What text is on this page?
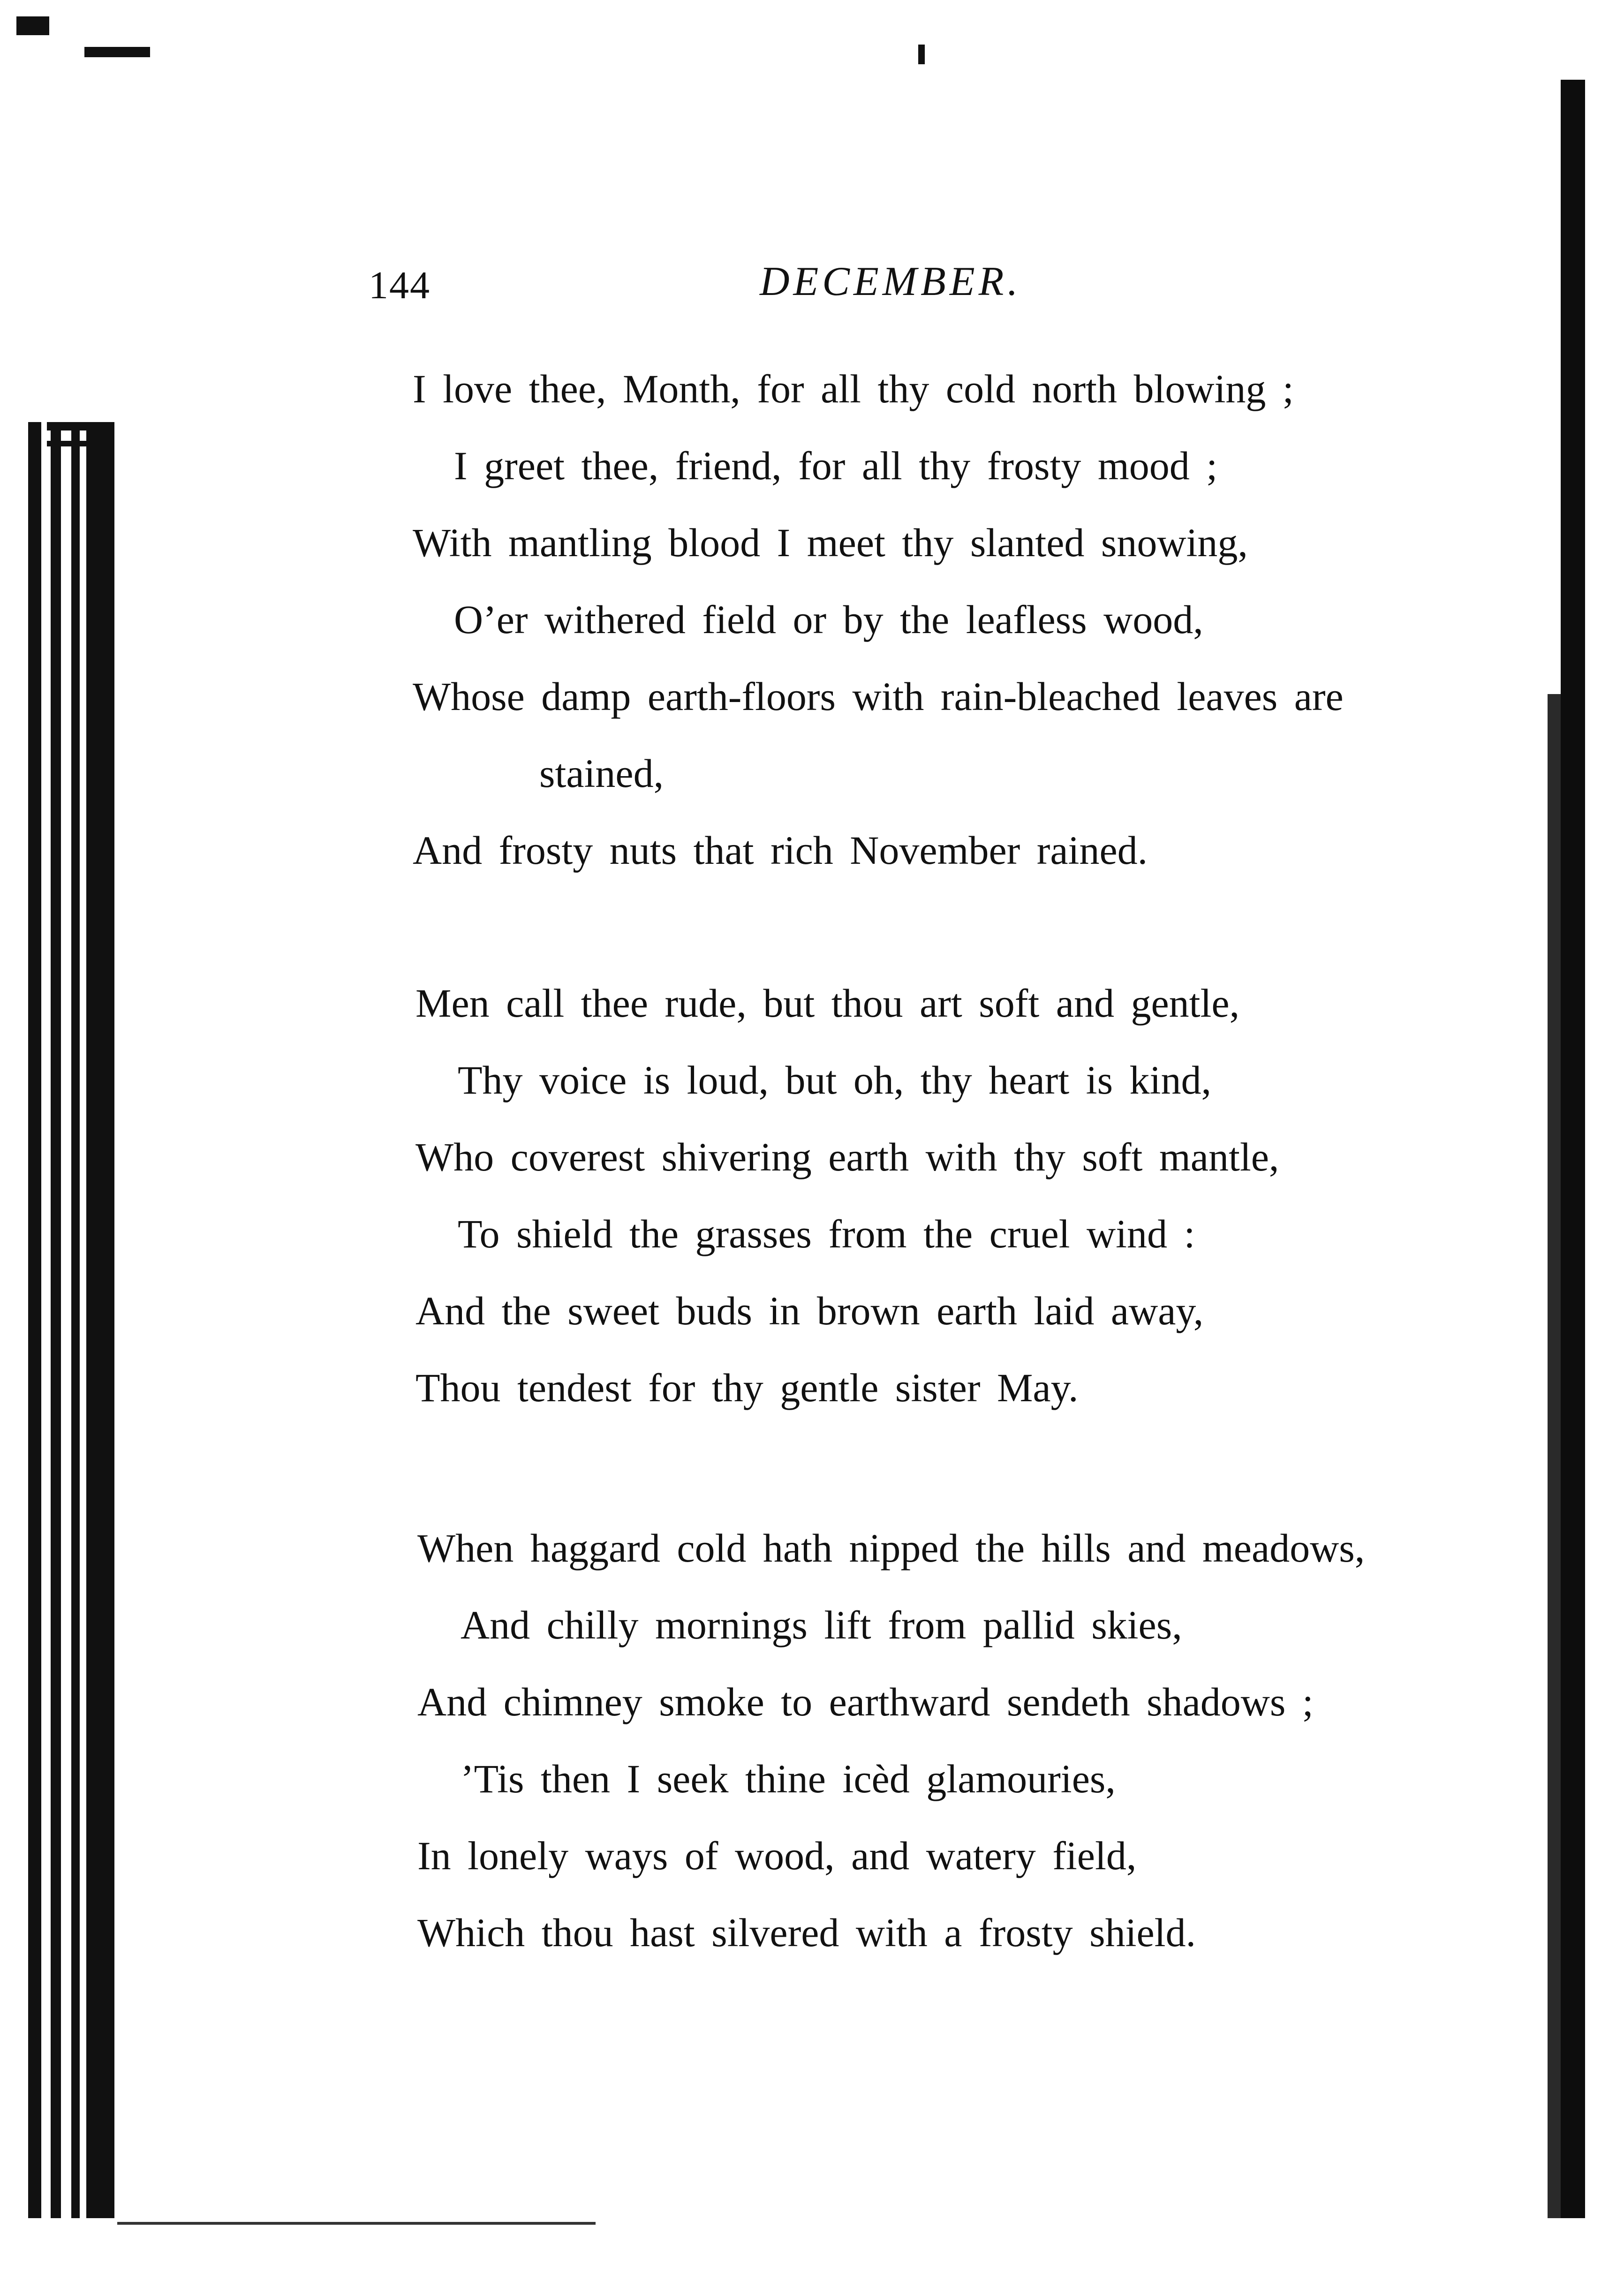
144	DECEMBER.
I love thee, Month, for all thy cold north blowing ;
I greet thee, friend, for all thy frosty mood ;
With mantling blood I meet thy slanted snowing,
O’er withered field or by the leafless wood,
Whose damp earth-floors with rain-bleached leaves are
stained,
And frosty nuts that rich November rained.
Men call thee rude, but thou art soft and gentle,
Thy voice is loud, but oh, thy heart is kind,
Who coverest shivering earth with thy soft mantle,
To shield the grasses from the cruel wind :
And the sweet buds in brown earth laid away,
Thou tendest for thy gentle sister May.
When haggard cold hath nipped the hills and meadows,
And chilly mornings lift from pallid skies,
And chimney smoke to earthward sendeth shadows ;
’Tis then I seek thine icèd glamouries,
In lonely ways of wood, and watery field,
Which thou hast silvered with a frosty shield.
